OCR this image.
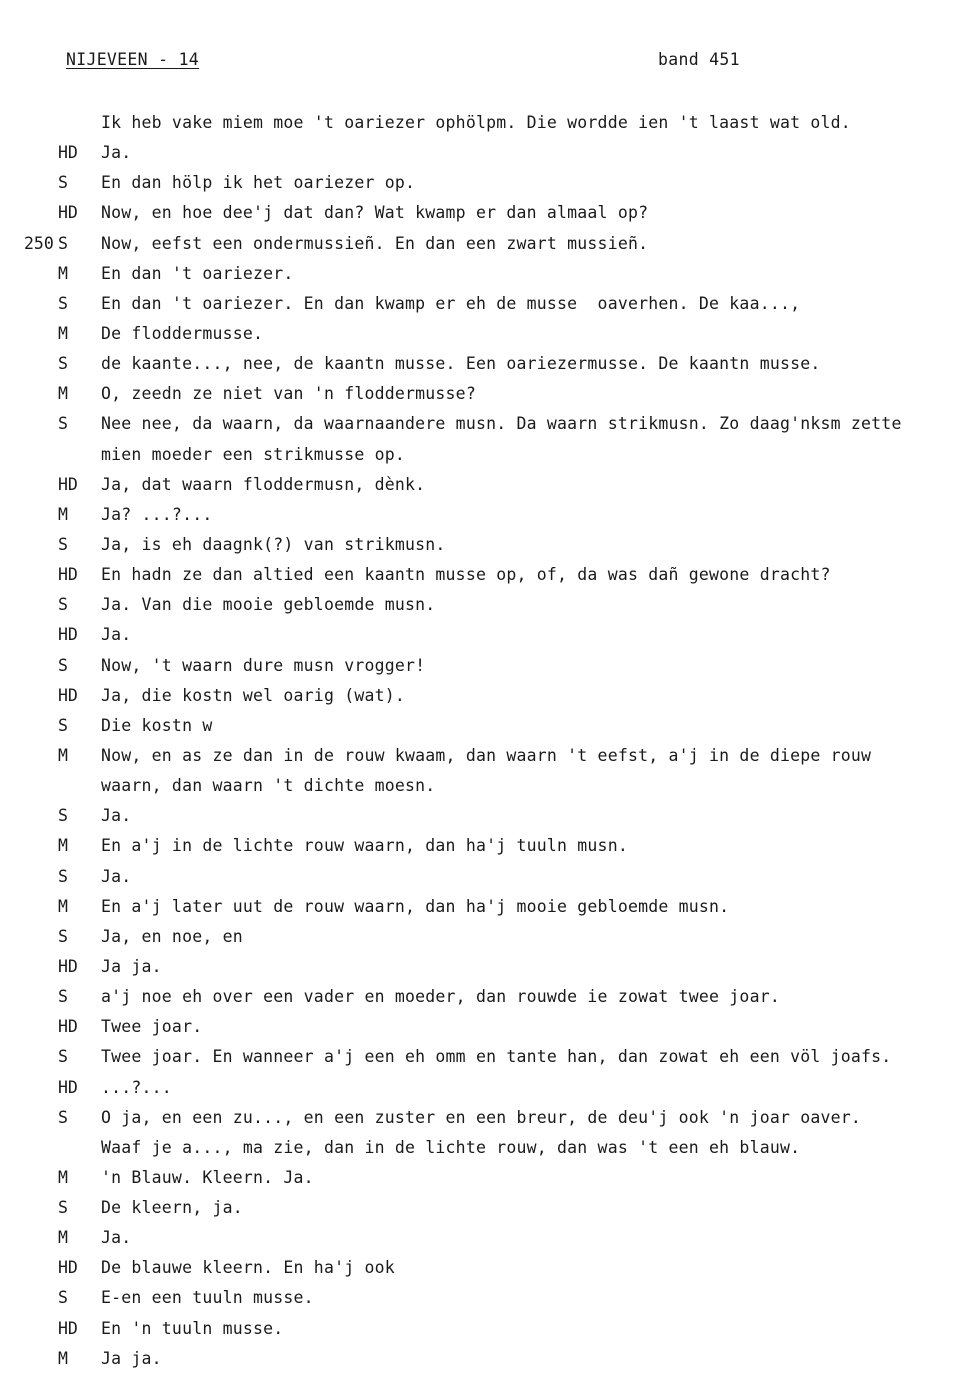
NIJEVEEN - 14	band 451
Ik heb vake miem moe 't oariezer ophölpm. Die wordde ien 't laast wat old.
HD	Ja.
S	En dan hölp ik het oariezer op.
HD	Now, en hoe dee'j dat dan? Wat kwamp er dan almaal op?
250 S	Now, eefst een ondermussieñ. En dan een zwart mussieñ.
M	En dan 't oariezer.
S	En dan 't oariezer. En dan kwamp er eh de musse  oaverhen. De kaa...,
M	De floddermusse.
S	de kaante..., nee, de kaantn musse. Een oariezermusse. De kaantn musse.
M	O, zeedn ze niet van 'n floddermusse?
S	Nee nee, da waarn, da waarnaandere musn. Da waarn strikmusn. Zo daag'nksm zette
mien moeder een strikmusse op.
HD	Ja, dat waarn floddermusn, dènk.
M	Ja? ...?...
S	Ja, is eh daagnk(?) van strikmusn.
HD	En hadn ze dan altied een kaantn musse op, of, da was dañ gewone dracht?
S	Ja. Van die mooie gebloemde musn.
HD	Ja.
S	Now, 't waarn dure musn vrogger!
HD	Ja, die kostn wel oarig (wat).
S	Die kostn w
M	Now, en as ze dan in de rouw kwaam, dan waarn 't eefst, a'j in de diepe rouw
waarn, dan waarn 't dichte moesn.
S	Ja.
M	En a'j in de lichte rouw waarn, dan ha'j tuuln musn.
S	Ja.
M	En a'j later uut de rouw waarn, dan ha'j mooie gebloemde musn.
S	Ja, en noe, en
HD	Ja ja.
S	a'j noe eh over een vader en moeder, dan rouwde ie zowat twee joar.
HD	Twee joar.
S	Twee joar. En wanneer a'j een eh omm en tante han, dan zowat eh een völ joafs.
HD	...?...
S	O ja, en een zu..., en een zuster en een breur, de deu'j ook 'n joar oaver.
Waaf je a..., ma zie, dan in de lichte rouw, dan was 't een eh blauw.
M	'n Blauw. Kleern. Ja.
S	De kleern, ja.
M	Ja.
HD	De blauwe kleern. En ha'j ook
S	E-en een tuuln musse.
HD	En 'n tuuln musse.
M	Ja ja.
